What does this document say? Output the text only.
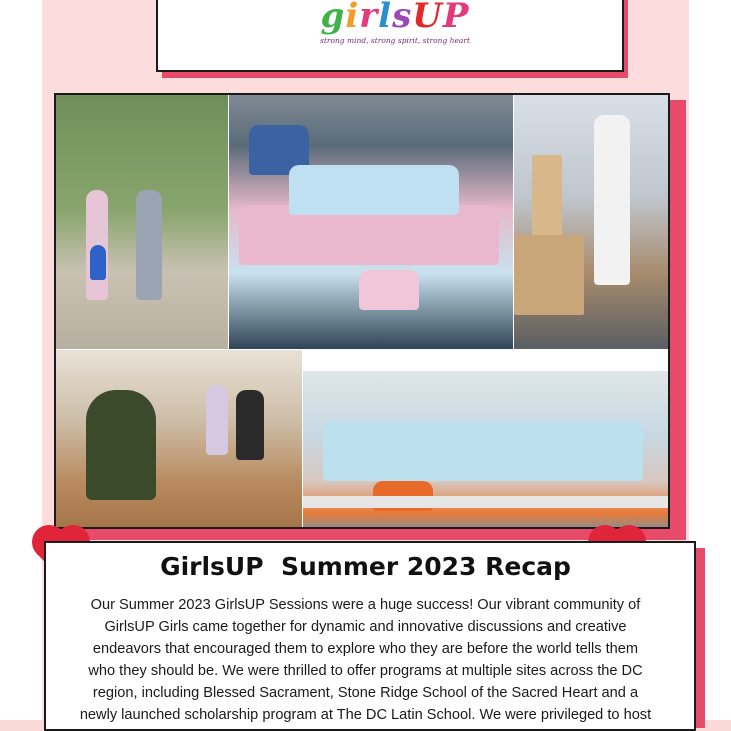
girlsUP
strong mind, strong spirit, strong heart
GirlsUP  Summer 2023 Recap
Our Summer 2023 GirlsUP Sessions were a huge success! Our vibrant community of
GirlsUP Girls came together for dynamic and innovative discussions and creative
endeavors that encouraged them to explore who they are before the world tells them
who they should be. We were thrilled to offer programs at multiple sites across the DC
region, including Blessed Sacrament, Stone Ridge School of the Sacred Heart and a
newly launched scholarship program at The DC Latin School. We were privileged to host
